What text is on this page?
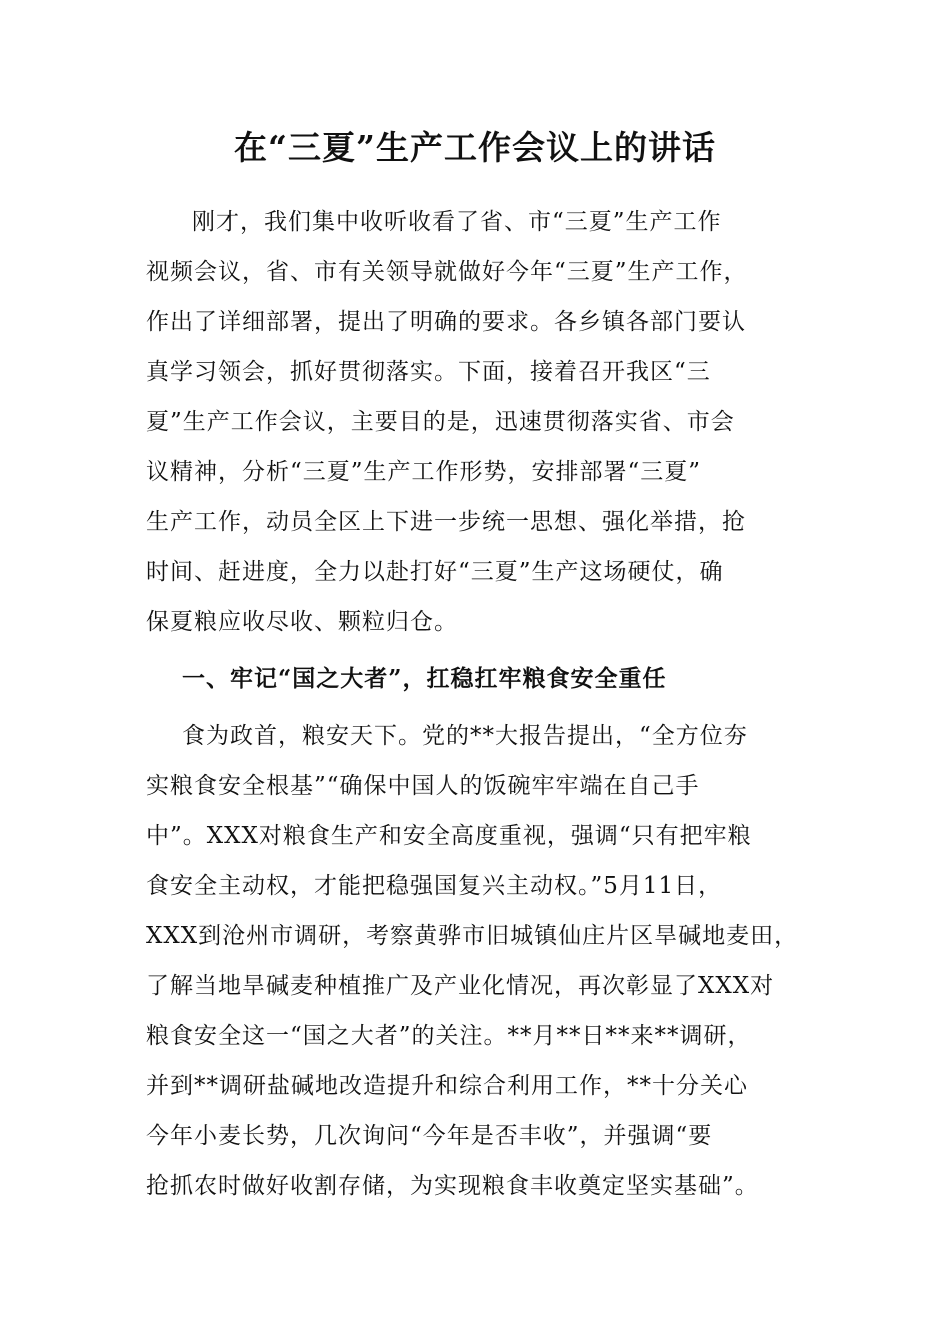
在“三夏”生产工作会议上的讲话
刚才，我们集中收听收看了省、市“三夏”生产工作
视频会议，省、市有关领导就做好今年“三夏”生产工作，
作出了详细部署，提出了明确的要求。各乡镇各部门要认
真学习领会，抓好贯彻落实。下面，接着召开我区“三
夏”生产工作会议，主要目的是，迅速贯彻落实省、市会
议精神，分析“三夏”生产工作形势，安排部署“三夏”
生产工作，动员全区上下进一步统一思想、强化举措，抢
时间、赶进度，全力以赴打好“三夏”生产这场硬仗，确
保夏粮应收尽收、颗粒归仓。
一、牢记“国之大者”，扛稳扛牢粮食安全重任
食为政首，粮安天下。党的**大报告提出，“全方位夯
实粮食安全根基”“确保中国人的饭碗牢牢端在自己手
中”。XXX对粮食生产和安全高度重视，强调“只有把牢粮
食安全主动权，才能把稳强国复兴主动权。”5月11日，
XXX到沧州市调研，考察黄骅市旧城镇仙庄片区旱碱地麦田，
了解当地旱碱麦种植推广及产业化情况，再次彰显了XXX对
粮食安全这一“国之大者”的关注。**月**日**来**调研，
并到**调研盐碱地改造提升和综合利用工作，**十分关心
今年小麦长势，几次询问“今年是否丰收”，并强调“要
抢抓农时做好收割存储，为实现粮食丰收奠定坚实基础”。
